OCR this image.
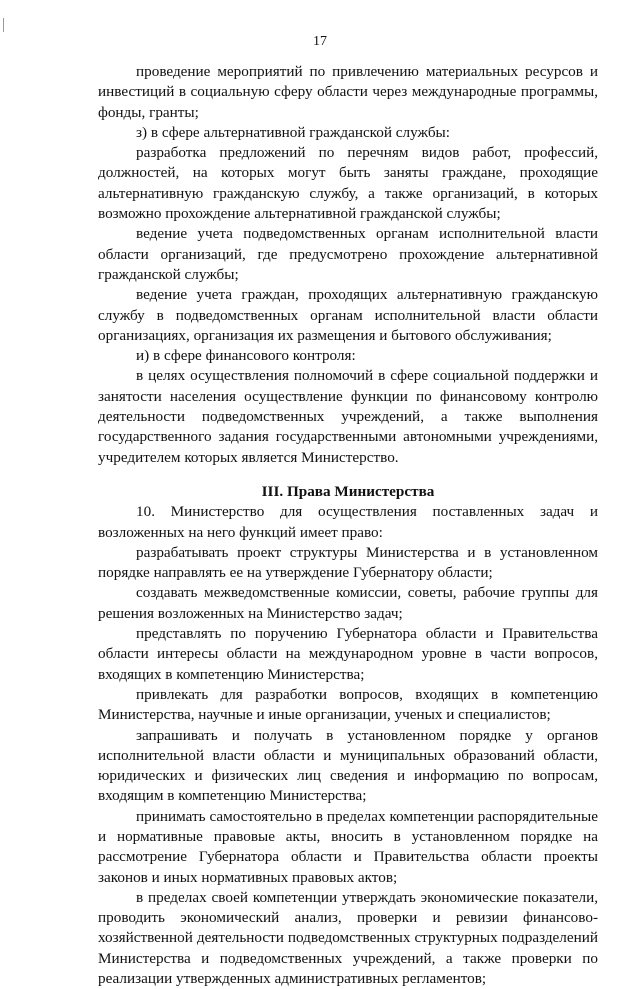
17

проведение мероприятий по привлечению материальных ресурсов и инвестиций в социальную сферу области через международные программы, фонды, гранты;

з) в сфере альтернативной гражданской службы:

разработка предложений по перечням видов работ, профессий, должностей, на которых могут быть заняты граждане, проходящие альтернативную гражданскую службу, а также организаций, в которых возможно прохождение альтернативной гражданской службы;

ведение учета подведомственных органам исполнительной власти области организаций, где предусмотрено прохождение альтернативной гражданской службы;

ведение учета граждан, проходящих альтернативную гражданскую службу в подведомственных органам исполнительной власти области организациях, организация их размещения и бытового обслуживания;

и) в сфере финансового контроля:

в целях осуществления полномочий в сфере социальной поддержки и занятости населения осуществление функции по финансовому контролю деятельности подведомственных учреждений, а также выполнения государственного задания государственными автономными учреждениями, учредителем которых является Министерство.

III. Права Министерства

10. Министерство для осуществления поставленных задач и возложенных на него функций имеет право:

разрабатывать проект структуры Министерства и в установленном порядке направлять ее на утверждение Губернатору области;

создавать межведомственные комиссии, советы, рабочие группы для решения возложенных на Министерство задач;

представлять по поручению Губернатора области и Правительства области интересы области на международном уровне в части вопросов, входящих в компетенцию Министерства;

привлекать для разработки вопросов, входящих в компетенцию Министерства, научные и иные организации, ученых и специалистов;

запрашивать и получать в установленном порядке у органов исполнительной власти области и муниципальных образований области, юридических и физических лиц сведения и информацию по вопросам, входящим в компетенцию Министерства;

принимать самостоятельно в пределах компетенции распорядительные и нормативные правовые акты, вносить в установленном порядке на рассмотрение Губернатора области и Правительства области проекты законов и иных нормативных правовых актов;

в пределах своей компетенции утверждать экономические показатели, проводить экономический анализ, проверки и ревизии финансово-хозяйственной деятельности подведомственных структурных подразделений Министерства и подведомственных учреждений, а также проверки по реализации утвержденных административных регламентов;
